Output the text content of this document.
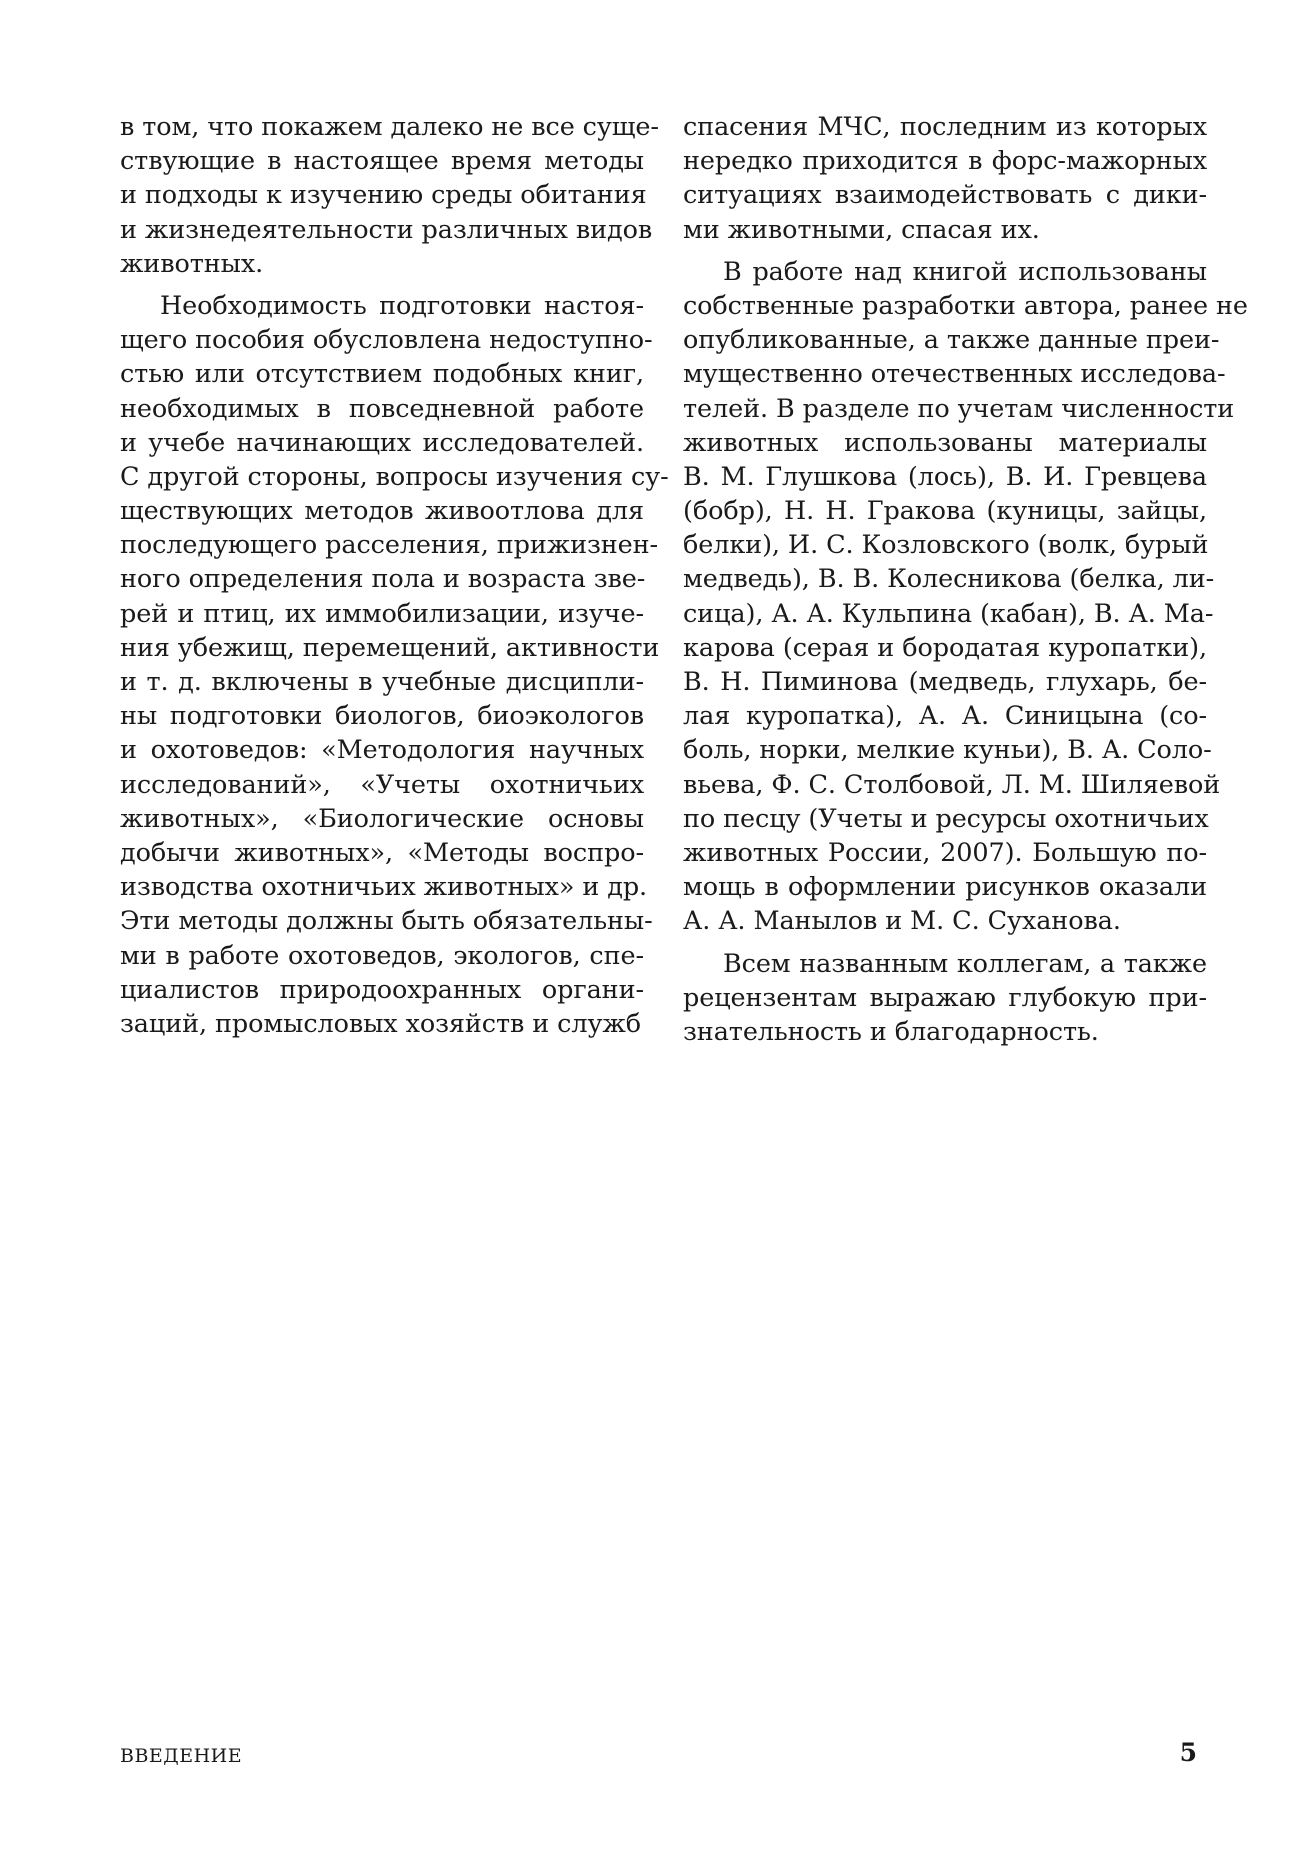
в том, что покажем далеко не все суще-
ствующие в настоящее время методы
и подходы к изучению среды обитания
и жизнедеятельности различных видов
животных.
Необходимость подготовки настоя-
щего пособия обусловлена недоступно-
стью или отсутствием подобных книг,
необходимых в повседневной работе
и учебе начинающих исследователей.
С другой стороны, вопросы изучения су-
ществующих методов живоотлова для
последующего расселения, прижизнен-
ного определения пола и возраста зве-
рей и птиц, их иммобилизации, изуче-
ния убежищ, перемещений, активности
и т. д. включены в учебные дисципли-
ны подготовки биологов, биоэкологов
и охотоведов: «Методология научных
исследований», «Учеты охотничьих
животных», «Биологические основы
добычи животных», «Методы воспро-
изводства охотничьих животных» и др.
Эти методы должны быть обязательны-
ми в работе охотоведов, экологов, спе-
циалистов природоохранных органи-
заций, промысловых хозяйств и служб
спасения МЧС, последним из которых
нередко приходится в форс-мажорных
ситуациях взаимодействовать с дики-
ми животными, спасая их.
В работе над книгой использованы
собственные разработки автора, ранее не
опубликованные, а также данные преи-
мущественно отечественных исследова-
телей. В разделе по учетам численности
животных использованы материалы
В. М. Глушкова (лось), В. И. Гревцева
(бобр), Н. Н. Гракова (куницы, зайцы,
белки), И. С. Козловского (волк, бурый
медведь), В. В. Колесникова (белка, ли-
сица), А. А. Кульпина (кабан), В. А. Ма-
карова (серая и бородатая куропатки),
В. Н. Пиминова (медведь, глухарь, бе-
лая куропатка), А. А. Синицына (со-
боль, норки, мелкие куньи), В. А. Соло-
вьева, Ф. С. Столбовой, Л. М. Шиляевой
по песцу (Учеты и ресурсы охотничьих
животных России, 2007). Большую по-
мощь в оформлении рисунков оказали
А. А. Манылов и М. С. Суханова.
Всем названным коллегам, а также
рецензентам выражаю глубокую при-
знательность и благодарность.
ВВЕДЕНИЕ	5
